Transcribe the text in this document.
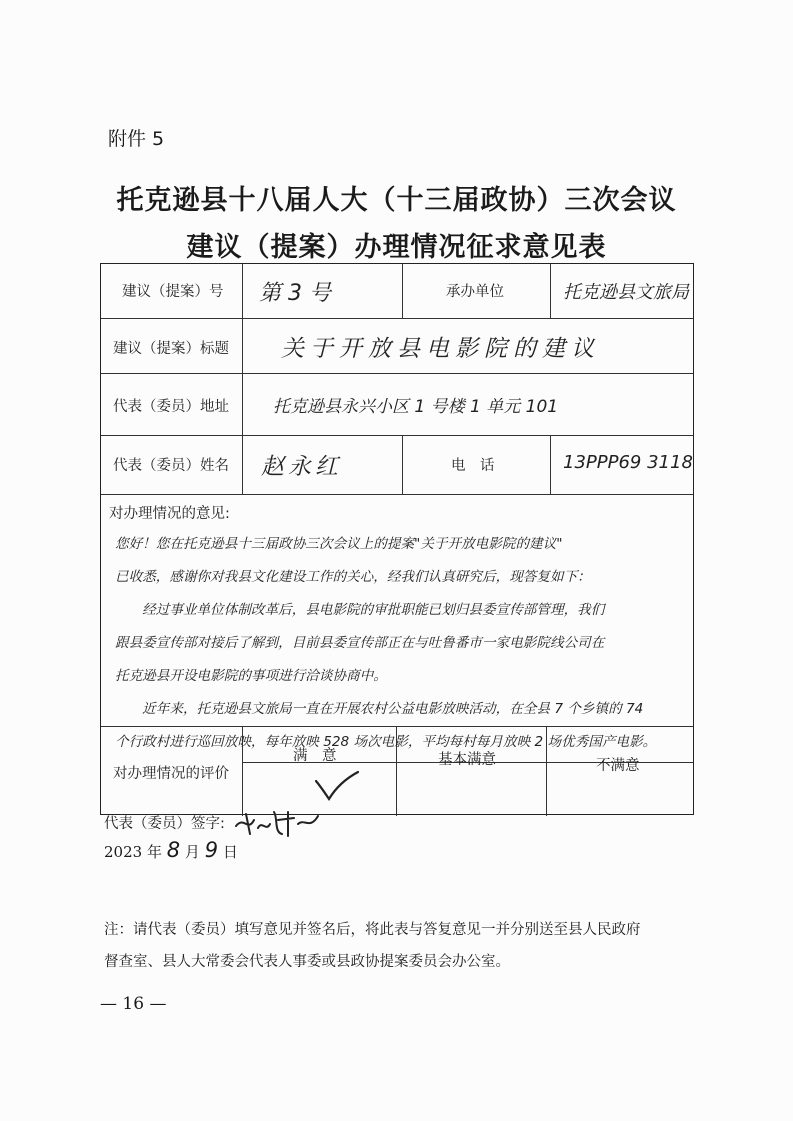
附件 5
托克逊县十八届人大（十三届政协）三次会议
建议（提案）办理情况征求意见表
建议（提案）号 第 3 号	承办单位	托克逊县文旅局
建议（提案）标题 关于开放县电影院的建议
代表（委员）地址	托克逊县永兴小区 1 号楼 1 单元 101
代表（委员）姓名 赵永红	电　话	13PPP69 3118
对办理情况的意见:

您好！您在托克逊县十三届政协三次会议上的提案"关于开放电影院的建议"

已收悉，感谢你对我县文化建设工作的关心，经我们认真研究后，现答复如下：

　　经过事业单位体制改革后，县电影院的审批职能已划归县委宣传部管理，我们

跟县委宣传部对接后了解到，目前县委宣传部正在与吐鲁番市一家电影院线公司在

托克逊县开设电影院的事项进行洽谈协商中。

　　近年来，托克逊县文旅局一直在开展农村公益电影放映活动，在全县 7 个乡镇的 74

个行政村进行巡回放映，每年放映 528 场次电影，平均每村每月放映 2 场优秀国产电影。

对办理情况的评价
满　意	基本满意	不满意
代表（委员）签字:
2023 年 8 月 9 日
注：请代表（委员）填写意见并签名后，将此表与答复意见一并分别送至县人民政府
督查室、县人大常委会代表人事委或县政协提案委员会办公室。
— 16 —
